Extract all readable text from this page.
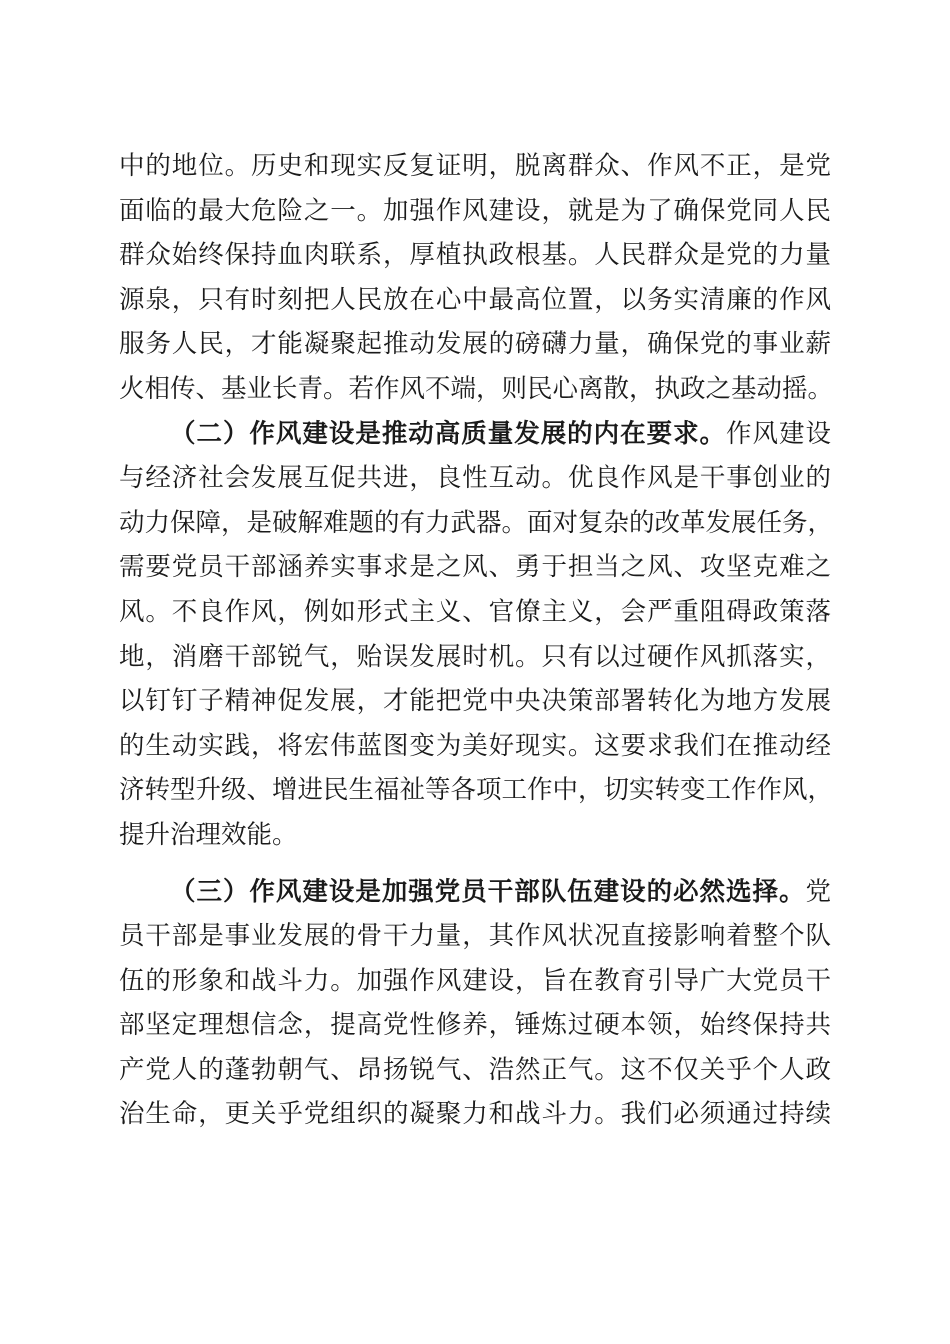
中的地位。历史和现实反复证明，脱离群众、作风不正，是党
面临的最大危险之一。加强作风建设，就是为了确保党同人民
群众始终保持血肉联系，厚植执政根基。人民群众是党的力量
源泉，只有时刻把人民放在心中最高位置，以务实清廉的作风
服务人民，才能凝聚起推动发展的磅礴力量，确保党的事业薪
火相传、基业长青。若作风不端，则民心离散，执政之基动摇。
（二）作风建设是推动高质量发展的内在要求。作风建设
与经济社会发展互促共进，良性互动。优良作风是干事创业的
动力保障，是破解难题的有力武器。面对复杂的改革发展任务，
需要党员干部涵养实事求是之风、勇于担当之风、攻坚克难之
风。不良作风，例如形式主义、官僚主义，会严重阻碍政策落
地，消磨干部锐气，贻误发展时机。只有以过硬作风抓落实，
以钉钉子精神促发展，才能把党中央决策部署转化为地方发展
的生动实践，将宏伟蓝图变为美好现实。这要求我们在推动经
济转型升级、增进民生福祉等各项工作中，切实转变工作作风，
提升治理效能。
（三）作风建设是加强党员干部队伍建设的必然选择。党
员干部是事业发展的骨干力量，其作风状况直接影响着整个队
伍的形象和战斗力。加强作风建设，旨在教育引导广大党员干
部坚定理想信念，提高党性修养，锤炼过硬本领，始终保持共
产党人的蓬勃朝气、昂扬锐气、浩然正气。这不仅关乎个人政
治生命，更关乎党组织的凝聚力和战斗力。我们必须通过持续
